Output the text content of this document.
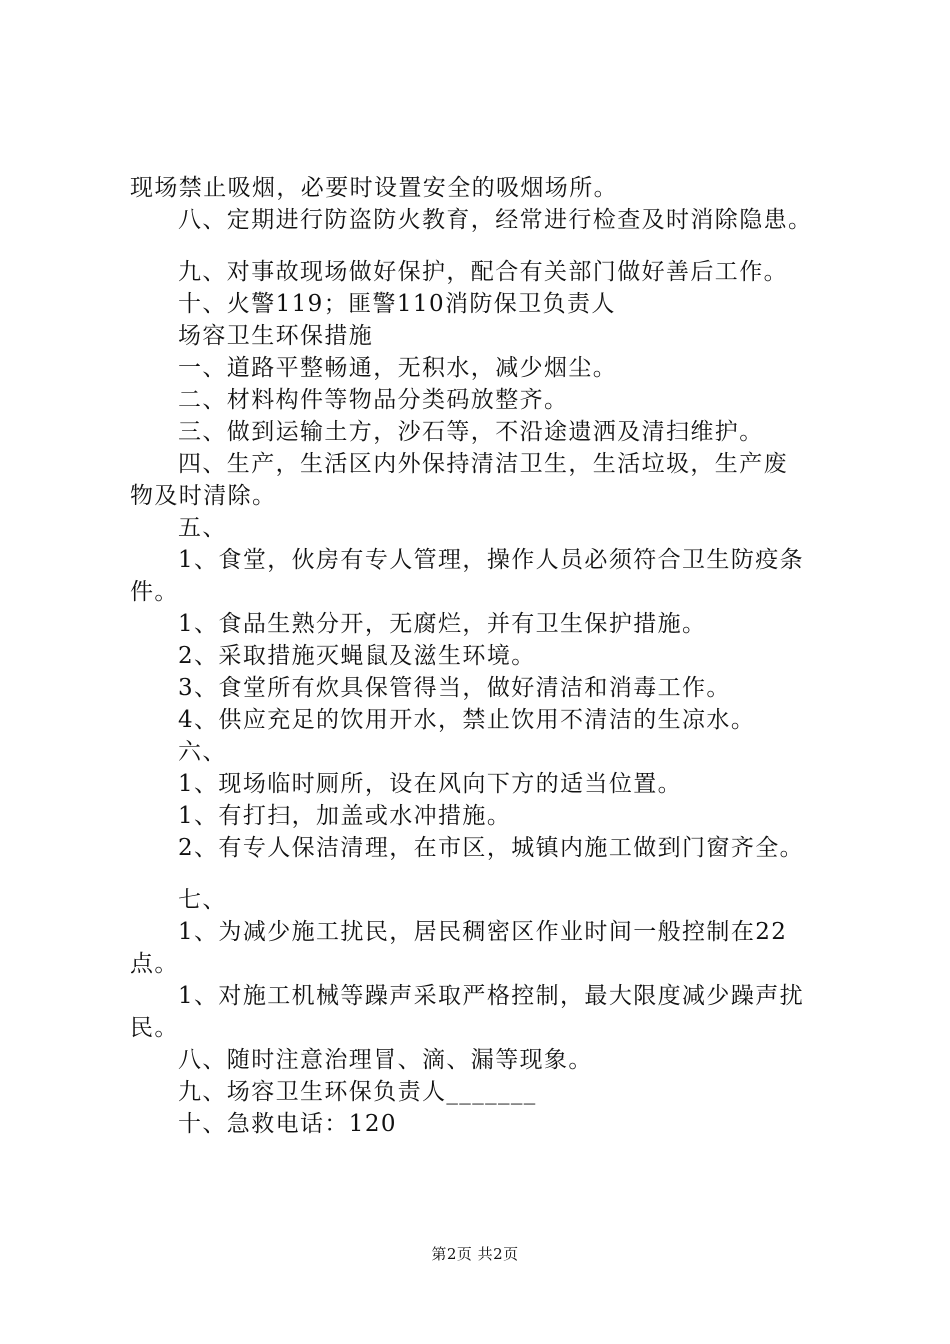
现场禁止吸烟，必要时设置安全的吸烟场所。
八、定期进行防盗防火教育，经常进行检查及时消除隐患。
九、对事故现场做好保护，配合有关部门做好善后工作。
十、火警119；匪警110消防保卫负责人
场容卫生环保措施
一、道路平整畅通，无积水，减少烟尘。
二、材料构件等物品分类码放整齐。
三、做到运输土方，沙石等，不沿途遗洒及清扫维护。
四、生产，生活区内外保持清洁卫生，生活垃圾，生产废
物及时清除。
五、
1、食堂，伙房有专人管理，操作人员必须符合卫生防疫条
件。
1、食品生熟分开，无腐烂，并有卫生保护措施。
2、采取措施灭蝇鼠及滋生环境。
3、食堂所有炊具保管得当，做好清洁和消毒工作。
4、供应充足的饮用开水，禁止饮用不清洁的生凉水。
六、
1、现场临时厕所，设在风向下方的适当位置。
1、有打扫，加盖或水冲措施。
2、有专人保洁清理，在市区，城镇内施工做到门窗齐全。
七、
1、为减少施工扰民，居民稠密区作业时间一般控制在22
点。
1、对施工机械等躁声采取严格控制，最大限度减少躁声扰
民。
八、随时注意治理冒、滴、漏等现象。
九、场容卫生环保负责人_______
十、急救电话：120
第2页 共2页
